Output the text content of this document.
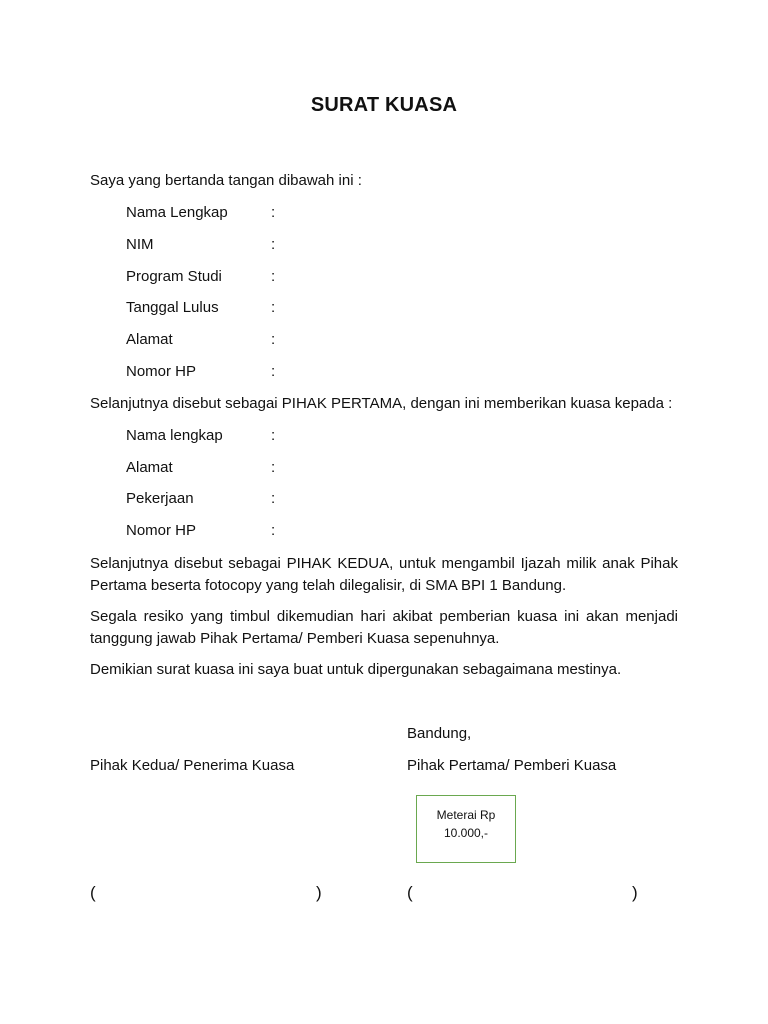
SURAT KUASA
Saya yang bertanda tangan dibawah ini :
Nama Lengkap	:
NIM	:
Program Studi	:
Tanggal Lulus	:
Alamat	:
Nomor HP	:
Selanjutnya disebut sebagai PIHAK PERTAMA, dengan ini memberikan kuasa kepada :
Nama lengkap	:
Alamat	:
Pekerjaan	:
Nomor HP	:
Selanjutnya disebut sebagai PIHAK KEDUA, untuk mengambil Ijazah milik anak Pihak
Pertama beserta fotocopy yang telah dilegalisir, di SMA BPI 1 Bandung.
Segala resiko yang timbul dikemudian hari akibat pemberian kuasa ini akan menjadi
tanggung jawab Pihak Pertama/ Pemberi Kuasa sepenuhnya.
Demikian surat kuasa ini saya buat untuk dipergunakan sebagaimana mestinya.
Bandung,
Pihak Kedua/ Penerima Kuasa	Pihak Pertama/ Pemberi Kuasa
Meterai Rp
10.000,-
(	)	(	)
